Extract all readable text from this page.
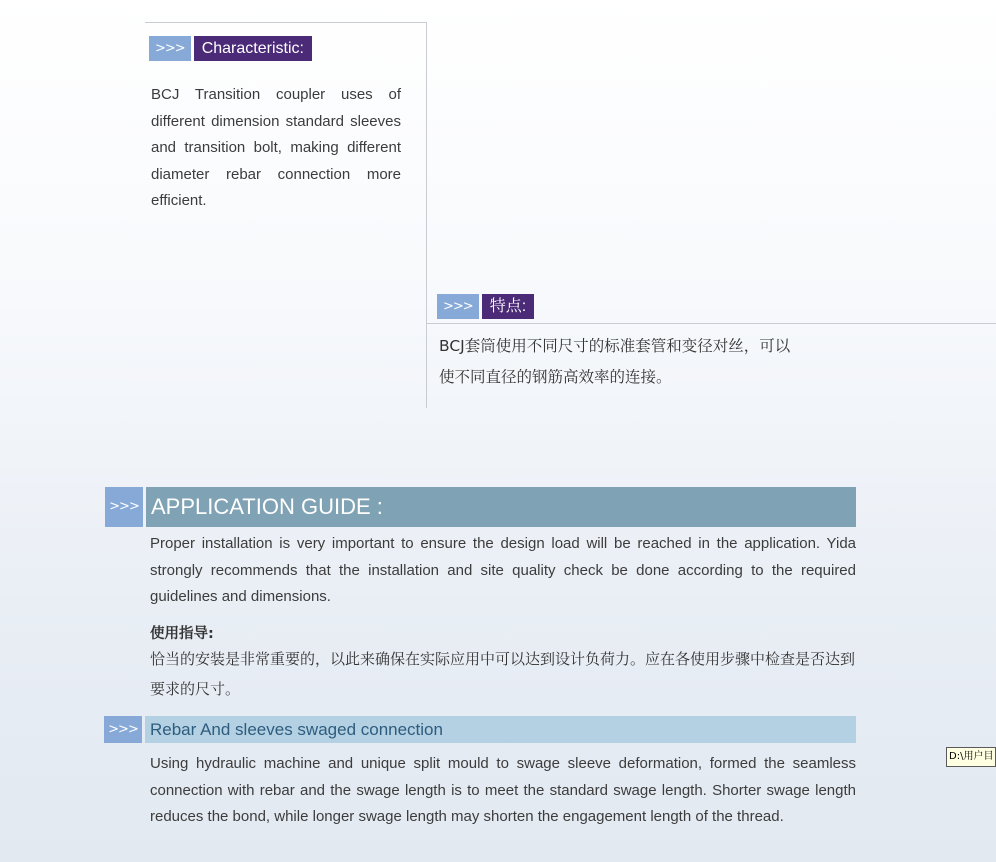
>>>	Characteristic:
BCJ Transition coupler uses of different dimension standard sleeves and transition bolt, making different diameter rebar connection more efficient.
>>>	特点:
BCJ套筒使用不同尺寸的标准套管和变径对丝，可以
使不同直径的钢筋高效率的连接。
>>> APPLICATION GUIDE :
Proper installation is very important to ensure the design load will be reached in the application. Yida strongly recommends that the installation and site quality check be done according to the required guidelines and dimensions.
使用指导:
恰当的安装是非常重要的，以此来确保在实际应用中可以达到设计负荷力。应在各使用步骤中检查是否达到要求的尺寸。
>>> Rebar And sleeves swaged connection
Using hydraulic machine and unique split mould to swage sleeve deformation, formed the seamless connection with rebar and the swage length is to meet the standard swage length. Shorter swage length reduces the bond, while longer swage length may shorten the engagement length of the thread.
D:\用户目
